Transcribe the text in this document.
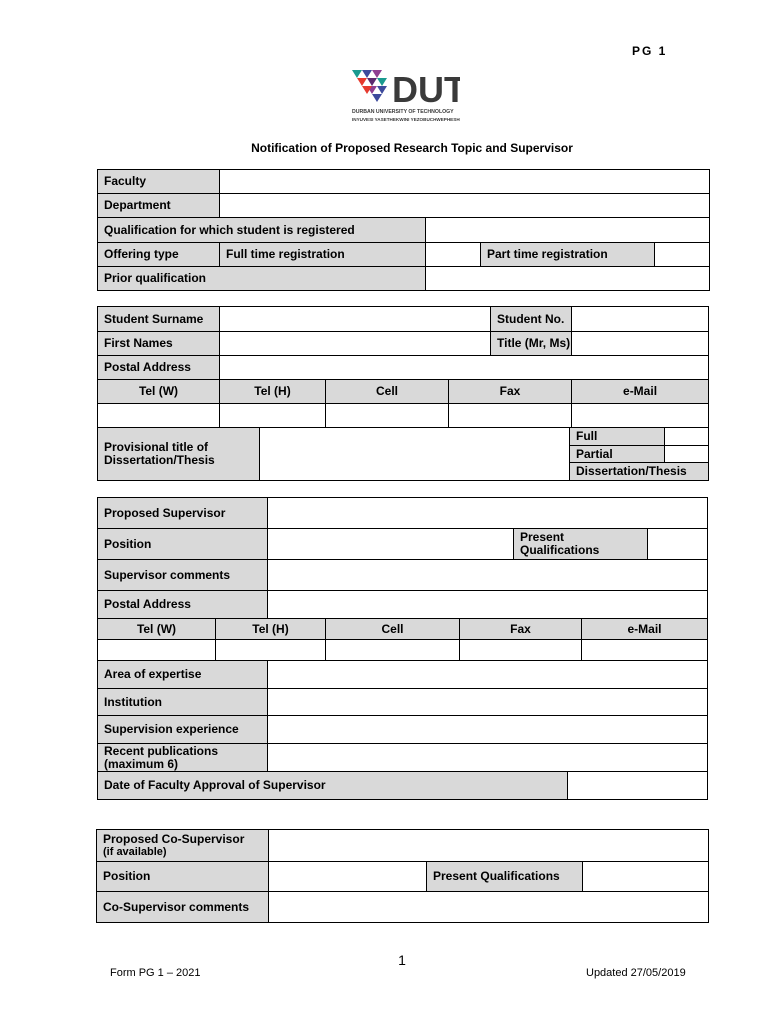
PG 1
DUT
DURBAN UNIVERSITY OF TECHNOLOGY
INYUVESI YASETHEKWINI YEZOBUCHWEPHESHE
Notification of Proposed Research Topic and Supervisor
Faculty				
Department				
Qualification for which student is registered				
Offering type	Full time registration		Part time registration	
Prior qualification				
Student Surname				Student No.	
First Names				Title (Mr, Ms)	
Postal Address					
Tel (W)	Tel (H)	Cell	Fax		e-Mail

Provisional title of
Dissertation/Thesis		Full	
		Partial	
		Dissertation/Thesis	
Proposed Supervisor			
Position		Present
Qualifications	

Supervisor comments			
Postal Address			
Tel (W)	Tel (H)	Cell	Fax	e-Mail

Area of expertise		
Institution		
Supervision experience		

Recent publications
(maximum 6)		

Date of Faculty Approval of Supervisor		
Proposed Co-Supervisor
(if available)			

Position		Present Qualifications	
Co-Supervisor comments			
1
Form PG 1 – 2021	Updated 27/05/2019
